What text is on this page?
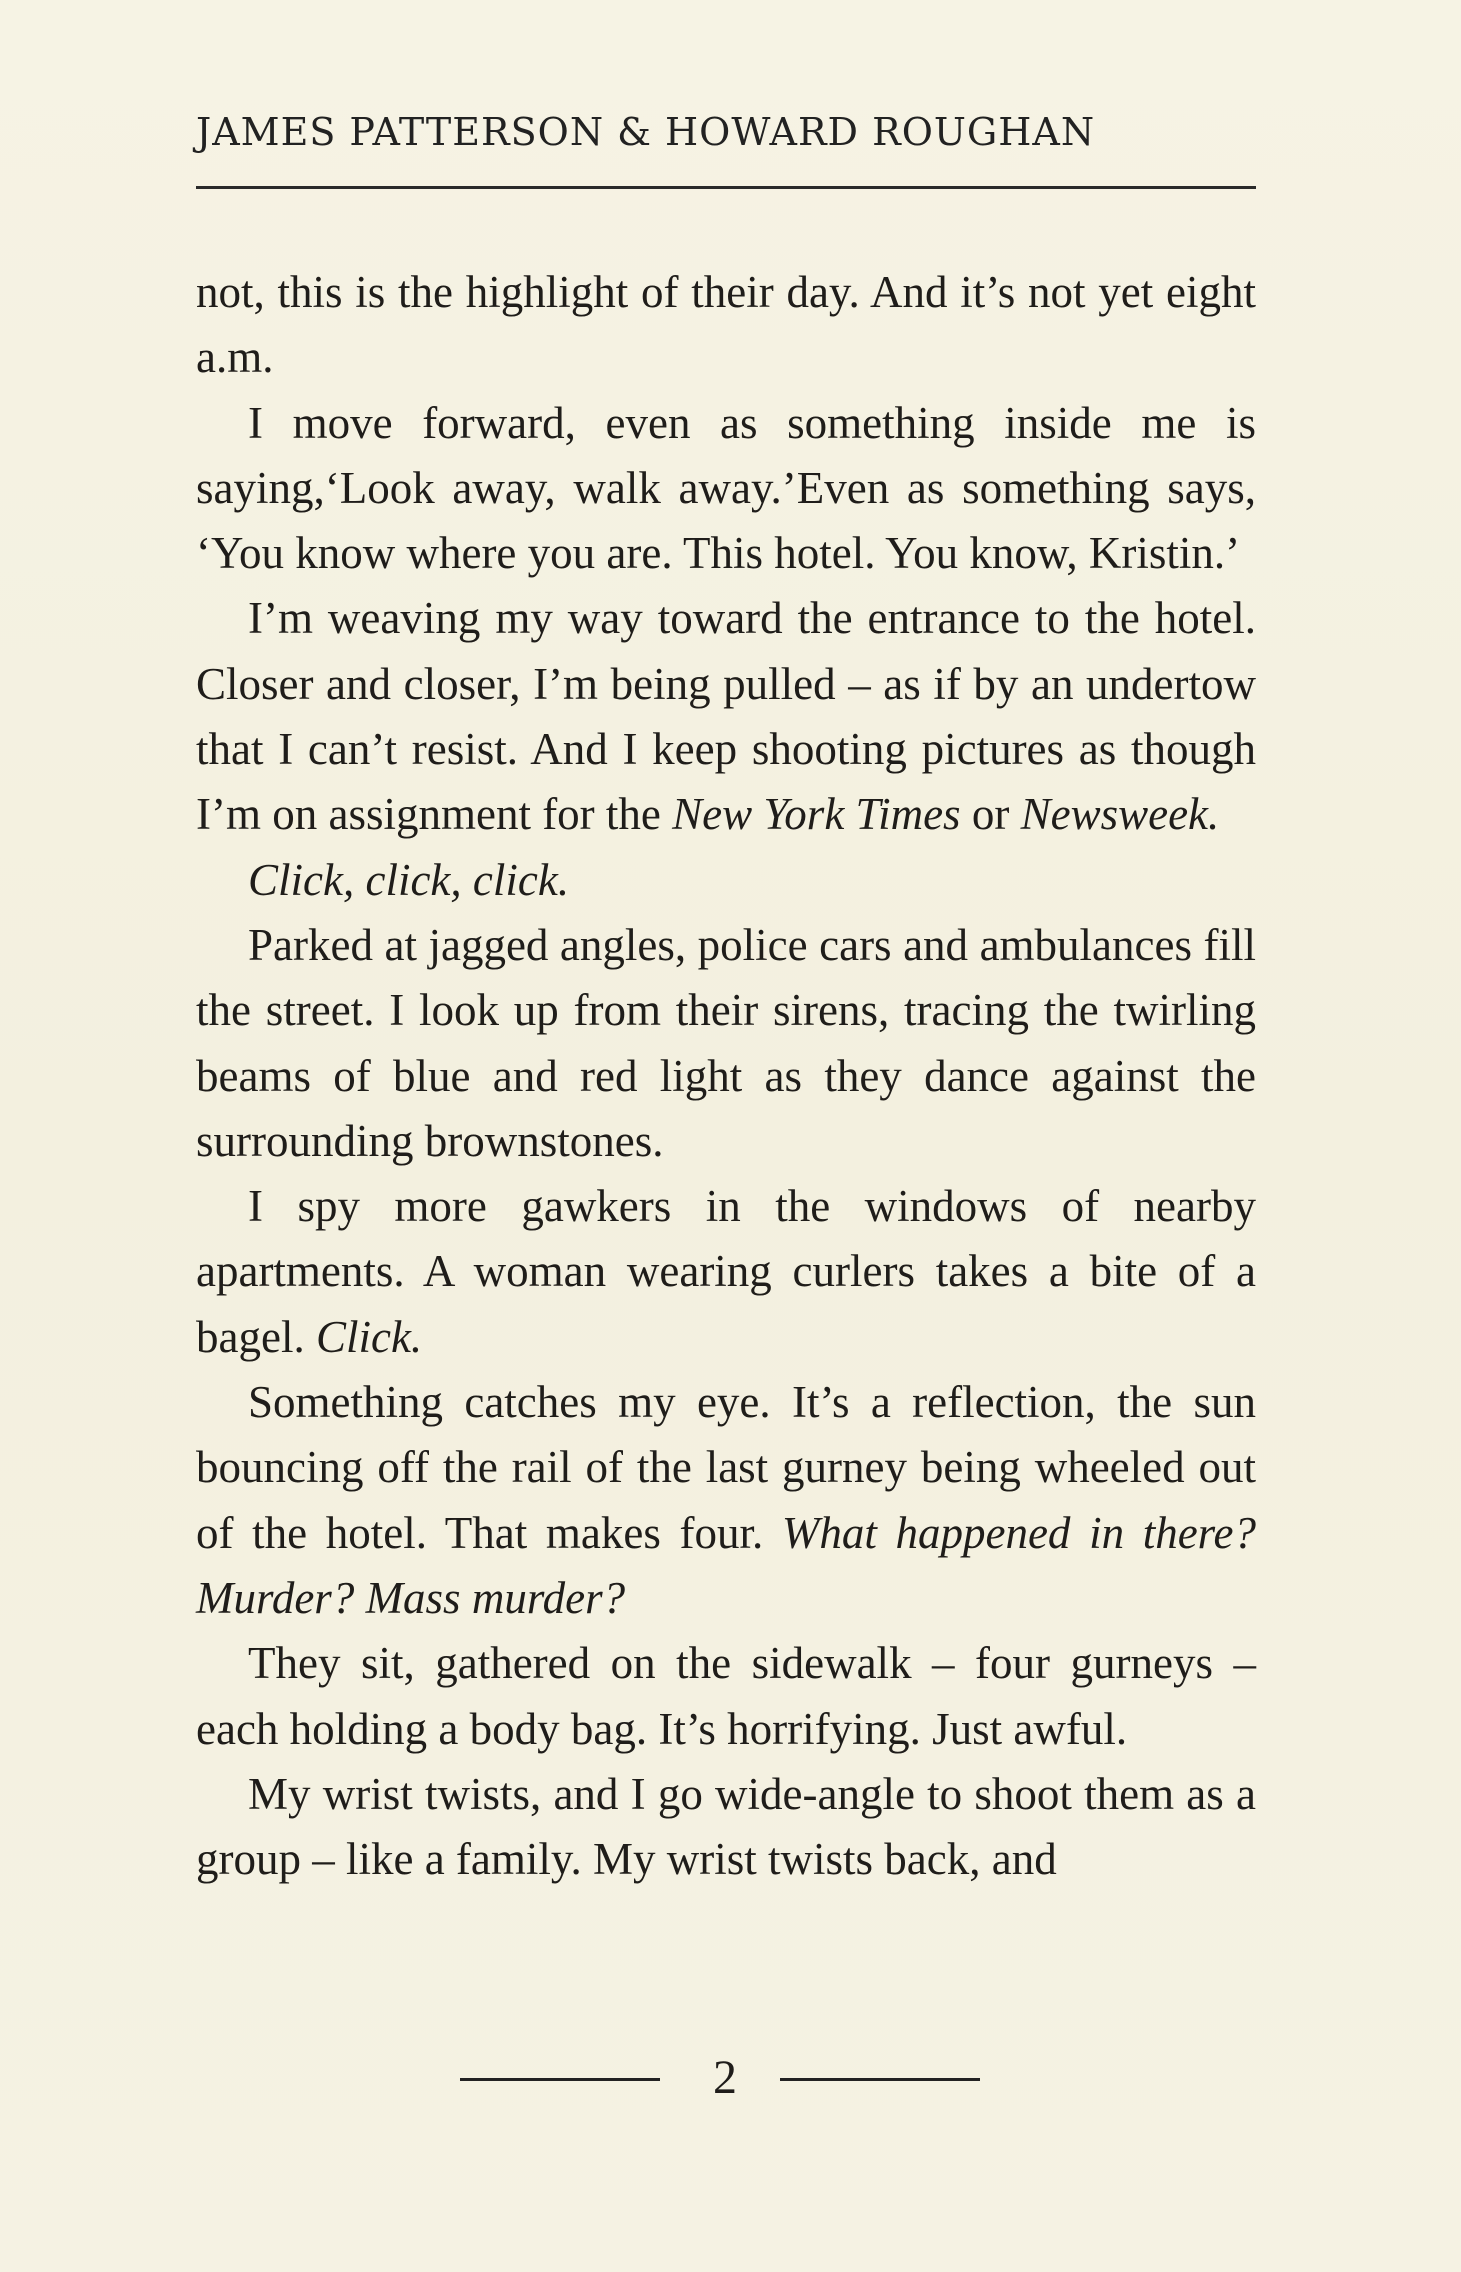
JAMES PATTERSON & HOWARD ROUGHAN

not, this is the highlight of their day. And it’s not yet eight a.m.

I move forward, even as something inside me is saying,‘Look away, walk away.’Even as something says, ‘You know where you are. This hotel. You know, Kristin.’

I’m weaving my way toward the entrance to the hotel. Closer and closer, I’m being pulled – as if by an undertow that I can’t resist. And I keep shooting pictures as though I’m on assignment for the New York Times or Newsweek.

Click, click, click.

Parked at jagged angles, police cars and ambulances fill the street. I look up from their sirens, tracing the twirling beams of blue and red light as they dance against the surrounding brownstones.

I spy more gawkers in the windows of nearby apartments. A woman wearing curlers takes a bite of a bagel. Click.

Something catches my eye. It’s a reflection, the sun bouncing off the rail of the last gurney being wheeled out of the hotel. That makes four. What happened in there? Murder? Mass murder?

They sit, gathered on the sidewalk – four gurneys – each holding a body bag. It’s horrifying. Just awful.

My wrist twists, and I go wide-angle to shoot them as a group – like a family. My wrist twists back, and

2
